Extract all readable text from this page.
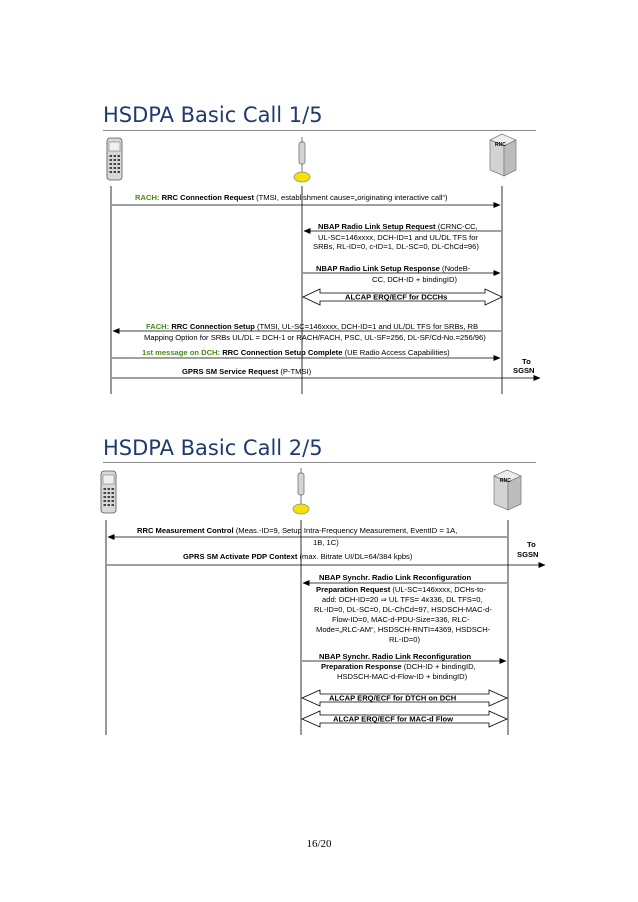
HSDPA Basic Call 1/5
RNC
RACH: RRC Connection Request (TMSI, establishment cause=„originating interactive call“)
NBAP Radio Link Setup Request (CRNC-CC,
UL-SC=146xxxx, DCH-ID=1 and UL/DL TFS for
SRBs, RL-ID=0, c-ID=1, DL-SC=0, DL-ChCd=96)
NBAP Radio Link Setup Response (NodeB-
CC, DCH-ID + bindingID)
ALCAP ERQ/ECF for DCCHs
FACH: RRC Connection Setup (TMSI, UL-SC=146xxxx, DCH-ID=1 and UL/DL TFS for SRBs, RB
Mapping Option for SRBs UL/DL = DCH-1 or RACH/FACH, PSC, UL-SF=256, DL-SF/Cd-No.=256/96)
1st message on DCH: RRC Connection Setup Complete (UE Radio Access Capabilities)
To
SGSN
GPRS SM Service Request (P-TMSI)
HSDPA Basic Call 2/5
RNC
RRC Measurement Control (Meas.-ID=9, Setup Intra-Frequency Measurement, EventID = 1A,
1B, 1C)	To
SGSN
GPRS SM Activate PDP Context (max. Bitrate UI/DL=64/384 kpbs)
NBAP Synchr. Radio Link Reconfiguration
Preparation Request (UL-SC=146xxxx, DCHs-to-
add: DCH-ID=20 ⇒ UL TFS= 4x336, DL TFS=0,
RL-ID=0, DL-SC=0, DL-ChCd=97, HSDSCH-MAC-d-
Flow-ID=0, MAC-d-PDU-Size=336, RLC-
Mode=„RLC-AM“, HSDSCH-RNTI=4369, HSDSCH-
RL-ID=0)
NBAP Synchr. Radio Link Reconfiguration
Preparation Response (DCH-ID + bindingID,
HSDSCH-MAC-d-Flow-ID + bindingID)
ALCAP ERQ/ECF for DTCH on DCH
ALCAP ERQ/ECF for MAC-d Flow
16/20
